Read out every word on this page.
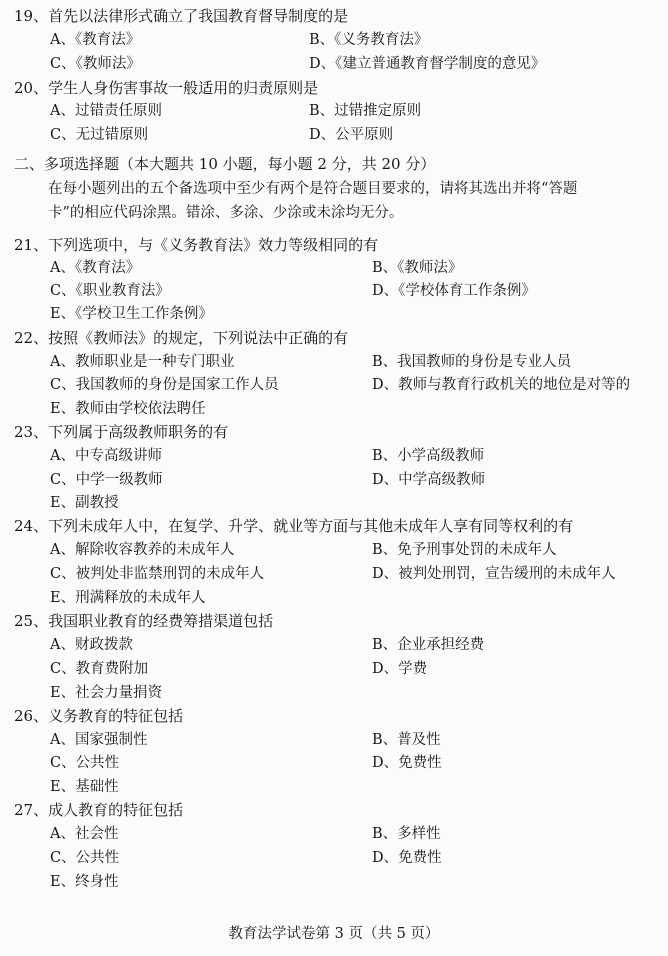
19、首先以法律形式确立了我国教育督导制度的是
A、《教育法》	B、《义务教育法》
C、《教师法》	D、《建立普通教育督学制度的意见》
20、学生人身伤害事故一般适用的归责原则是
A、过错责任原则	B、过错推定原则
C、无过错原则	D、公平原则
二、多项选择题（本大题共 10 小题，每小题 2 分，共 20 分）
在每小题列出的五个备选项中至少有两个是符合题目要求的，请将其选出并将“答题
卡”的相应代码涂黑。错涂、多涂、少涂或未涂均无分。
21、下列选项中，与《义务教育法》效力等级相同的有
A、《教育法》	B、《教师法》
C、《职业教育法》	D、《学校体育工作条例》
E、《学校卫生工作条例》
22、按照《教师法》的规定，下列说法中正确的有
A、教师职业是一种专门职业	B、我国教师的身份是专业人员
C、我国教师的身份是国家工作人员	D、教师与教育行政机关的地位是对等的
E、教师由学校依法聘任
23、下列属于高级教师职务的有
A、中专高级讲师	B、小学高级教师
C、中学一级教师	D、中学高级教师
E、副教授
24、下列未成年人中，在复学、升学、就业等方面与其他未成年人享有同等权利的有
A、解除收容教养的未成年人	B、免予刑事处罚的未成年人
C、被判处非监禁刑罚的未成年人	D、被判处刑罚，宣告缓刑的未成年人
E、刑满释放的未成年人
25、我国职业教育的经费筹措渠道包括
A、财政拨款	B、企业承担经费
C、教育费附加	D、学费
E、社会力量捐资
26、义务教育的特征包括
A、国家强制性	B、普及性
C、公共性	D、免费性
E、基础性
27、成人教育的特征包括
A、社会性	B、多样性
C、公共性	D、免费性
E、终身性
教育法学试卷第 3 页（共 5 页）
